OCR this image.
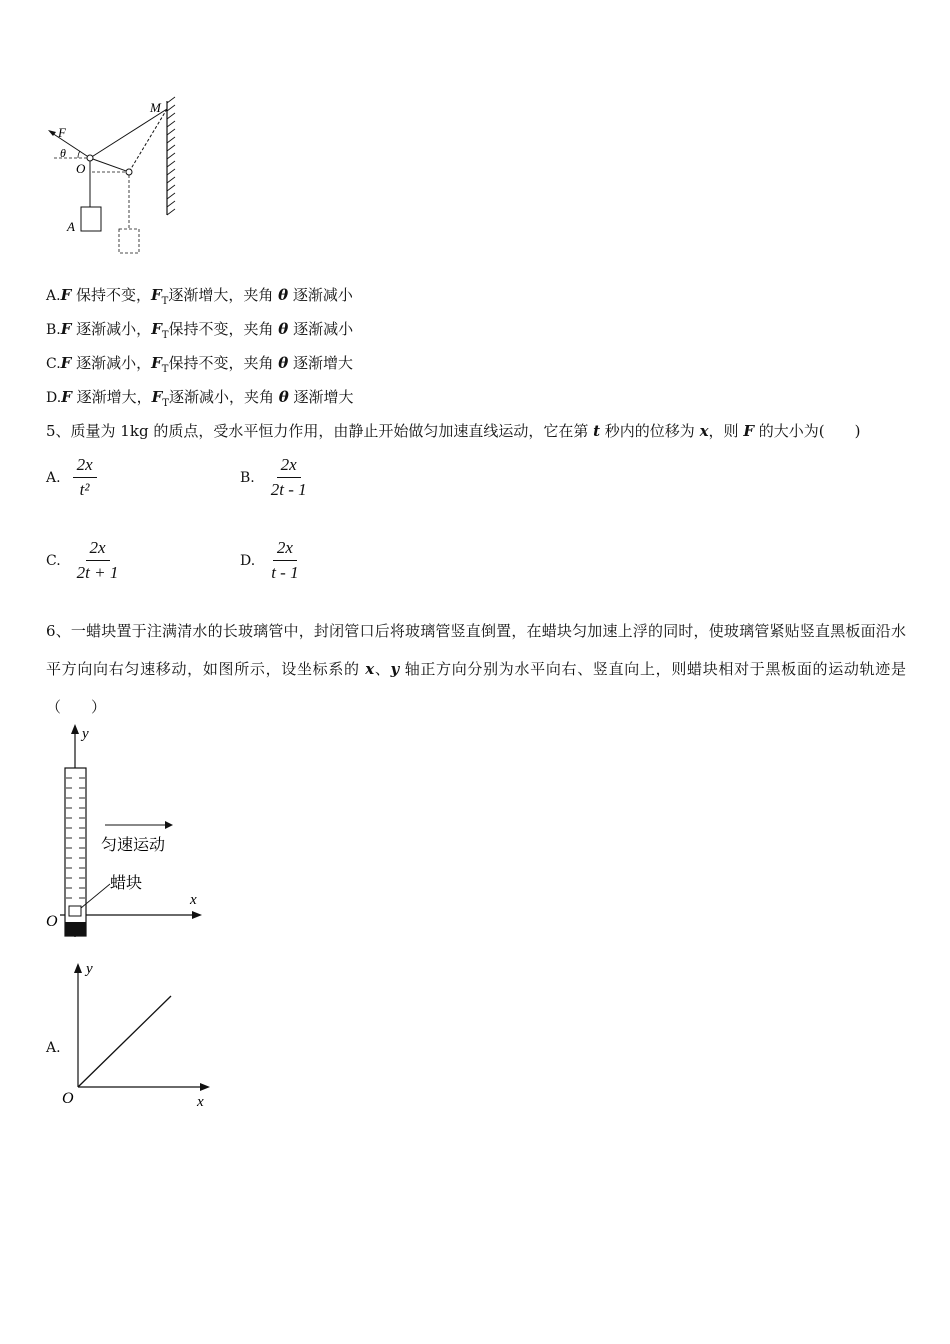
M
F
θ
O
A
A.F 保持不变，$F_T$逐渐增大，夹角 θ 逐渐减小
B.F 逐渐减小，$F_T$保持不变，夹角 θ 逐渐减小
C.F 逐渐减小，$F_T$保持不变，夹角 θ 逐渐增大
D.F 逐渐增大，$F_T$逐渐减小，夹角 θ 逐渐增大
5、质量为 1kg 的质点，受水平恒力作用，由静止开始做匀加速直线运动，它在第 t 秒内的位移为 x，则 F 的大小为(　　)
A. $\frac{2x}{\text{t²}}$	B. $\frac{2x}{2t - 1}$
C. $\frac{2x}{2t + 1}$	D. $\frac{2x}{t - 1}$
6、一蜡块置于注满清水的长玻璃管中，封闭管口后将玻璃管竖直倒置，在蜡块匀加速上浮的同时，使玻璃管紧贴竖直黑板面沿水平方向向右匀速移动，如图所示，设坐标系的 x、y 轴正方向分别为水平向右、竖直向上，则蜡块相对于黑板面的运动轨迹是（　　）
y
x
O
匀速运动
蜡块
A.
y
x
O
